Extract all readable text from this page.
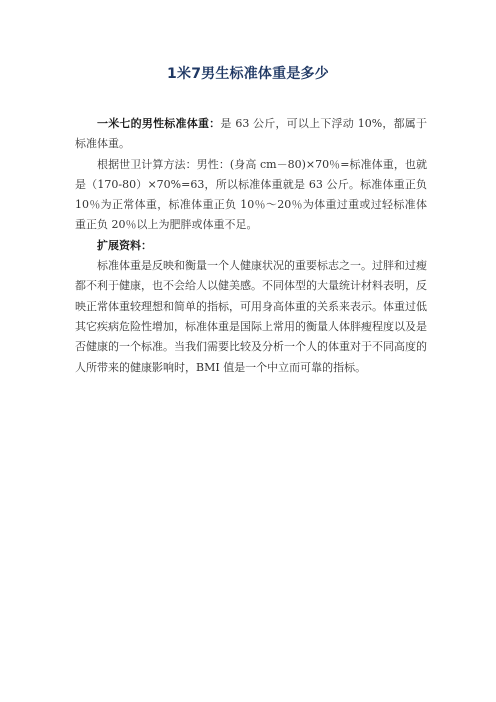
1米7男生标准体重是多少

一米七的男性标准体重：是 63 公斤，可以上下浮动 10%，都属于标准体重。

根据世卫计算方法：男性：(身高 cm－80)×70％=标准体重，也就是（170-80）×70%=63，所以标准体重就是 63 公斤。标准体重正负 10％为正常体重，标准体重正负 10％～20％为体重过重或过轻标准体重正负 20％以上为肥胖或体重不足。

扩展资料：

标准体重是反映和衡量一个人健康状况的重要标志之一。过胖和过瘦都不利于健康，也不会给人以健美感。不同体型的大量统计材料表明，反映正常体重较理想和简单的指标，可用身高体重的关系来表示。体重过低其它疾病危险性增加，标准体重是国际上常用的衡量人体胖瘦程度以及是否健康的一个标准。当我们需要比较及分析一个人的体重对于不同高度的人所带来的健康影响时，BMI 值是一个中立而可靠的指标。
